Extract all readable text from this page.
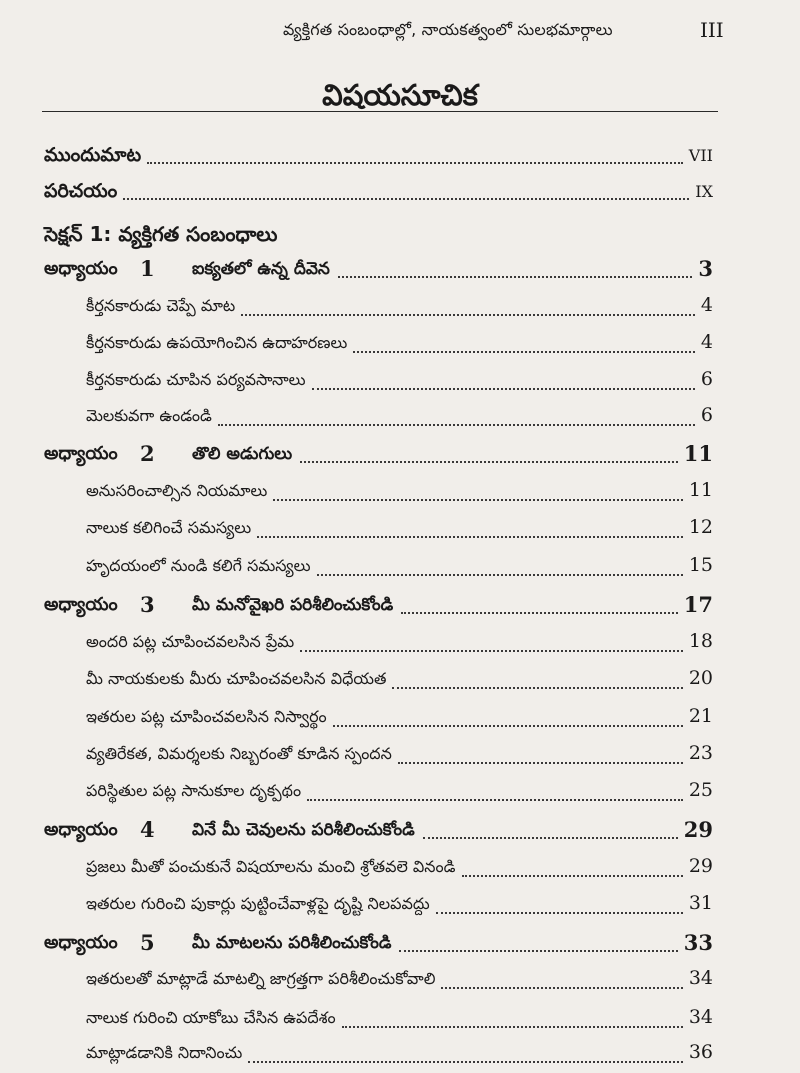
వ్యక్తిగత సంబంధాల్లో, నాయకత్వంలో సులభమార్గాలు	III
విషయసూచిక
ముందుమాట	VII
పరిచయం	IX
సెక్షన్ 1: వ్యక్తిగత సంబంధాలు
అధ్యాయం 1 ఐక్యతలో ఉన్న దీవెన	3
కీర్తనకారుడు చెప్పే మాట	4
కీర్తనకారుడు ఉపయోగించిన ఉదాహరణలు	4
కీర్తనకారుడు చూపిన పర్యవసానాలు	6
మెలకువగా ఉండండి	6
అధ్యాయం 2 తొలి అడుగులు	11
అనుసరించాల్సిన నియమాలు	11
నాలుక కలిగించే సమస్యలు	12
హృదయంలో నుండి కలిగే సమస్యలు	15
అధ్యాయం 3 మీ మనోవైఖరి పరిశీలించుకోండి	17
అందరి పట్ల చూపించవలసిన ప్రేమ	18
మీ నాయకులకు మీరు చూపించవలసిన విధేయత	20
ఇతరుల పట్ల చూపించవలసిన నిస్వార్థం	21
వ్యతిరేకత, విమర్శలకు నిబ్బరంతో కూడిన స్పందన	23
పరిస్థితుల పట్ల సానుకూల దృక్పథం	25
అధ్యాయం 4 వినే మీ చెవులను పరిశీలించుకోండి	29
ప్రజలు మీతో పంచుకునే విషయాలను మంచి శ్రోతవలె వినండి	29
ఇతరుల గురించి పుకార్లు పుట్టించేవాళ్లపై దృష్టి నిలపవద్దు	31
అధ్యాయం 5 మీ మాటలను పరిశీలించుకోండి	33
ఇతరులతో మాట్లాడే మాటల్ని జాగ్రత్తగా పరిశీలించుకోవాలి	34
నాలుక గురించి యాకోబు చేసిన ఉపదేశం	34
మాట్లాడడానికి నిదానించు	36
